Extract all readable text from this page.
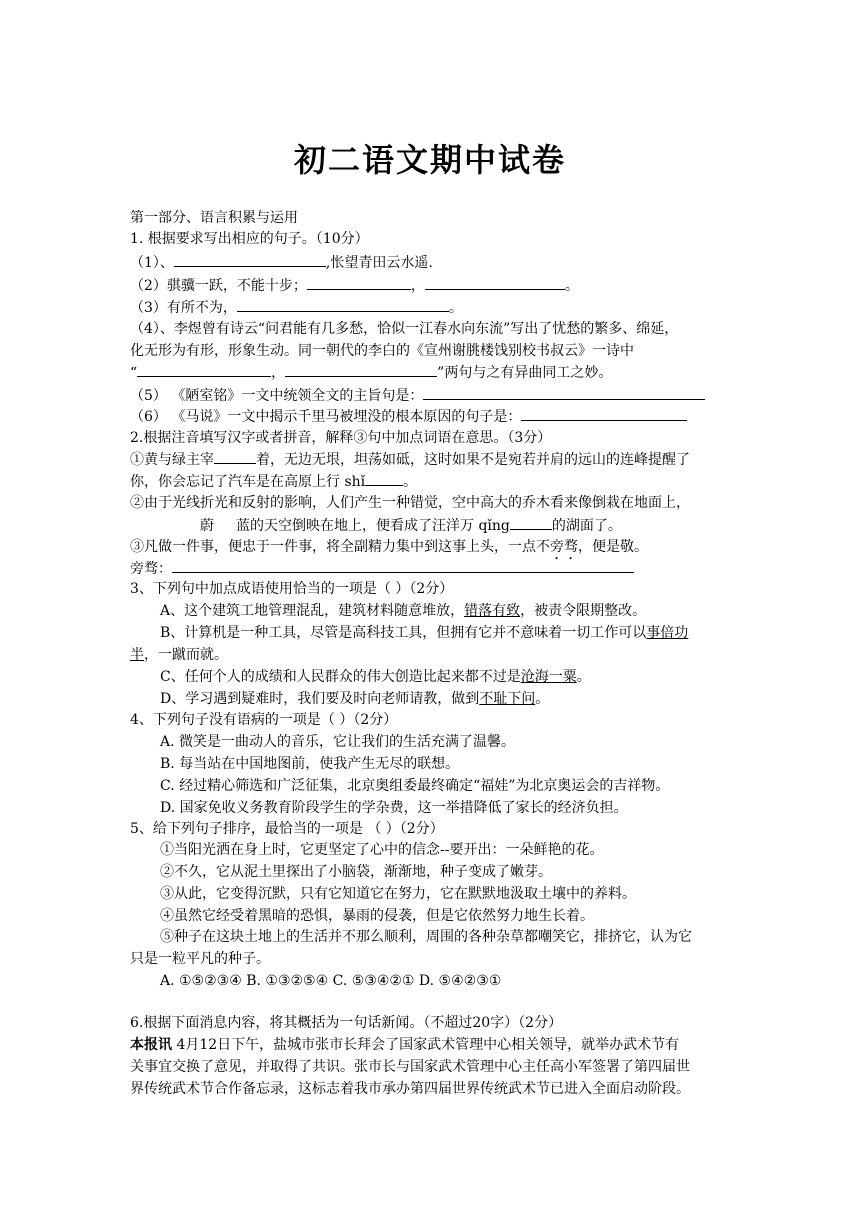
初二语文期中试卷
第一部分、语言积累与运用
1. 根据要求写出相应的句子。（10分）
（1）、	,怅望青田云水遥.
（2）骐骥一跃，不能十步；	，	。
（3）有所不为，	。
（4）、李煜曾有诗云“问君能有几多愁，恰似一江春水向东流”写出了忧愁的繁多、绵延，
化无形为有形，形象生动。同一朝代的李白的《宣州谢朓楼饯别校书叔云》一诗中
“	，	”两句与之有异曲同工之妙。
（5） 《陋室铭》一文中统领全文的主旨句是：
（6） 《马说》一文中揭示千里马被埋没的根本原因的句子是：
2.根据注音填写汉字或者拼音，解释③句中加点词语在意思。（3分）
①黄与绿主宰	着，无边无垠，坦荡如砥，这时如果不是宛若并肩的远山的连峰提醒了
你，你会忘记了汽车是在高原上行 shǐ	。
②由于光线折光和反射的影响，人们产生一种错觉，空中高大的乔木看来像倒栽在地面上，
蔚 蓝的天空倒映在地上，便看成了汪洋万 qǐng	的湖面了。
③凡做一件事，便忠于一件事，将全副精力集中到这事上头，一点不旁骛，便是敬。
旁骛：
3、下列句中加点成语使用恰当的一项是（ ）（2分）
A、这个建筑工地管理混乱，建筑材料随意堆放，错落有致，被责令限期整改。
B、计算机是一种工具，尽管是高科技工具，但拥有它并不意味着一切工作可以事倍功
半，一蹴而就。
C、任何个人的成绩和人民群众的伟大创造比起来都不过是沧海一粟。
D、学习遇到疑难时，我们要及时向老师请教，做到不耻下问。
4、下列句子没有语病的一项是（ ）（2分）
A. 微笑是一曲动人的音乐，它让我们的生活充满了温馨。
B. 每当站在中国地图前，使我产生无尽的联想。
C. 经过精心筛选和广泛征集，北京奥组委最终确定“福娃”为北京奥运会的吉祥物。
D. 国家免收义务教育阶段学生的学杂费，这一举措降低了家长的经济负担。
5、给下列句子排序，最恰当的一项是 （ ）（2分）
①当阳光洒在身上时，它更坚定了心中的信念--要开出：一朵鲜艳的花。
②不久，它从泥土里探出了小脑袋，渐渐地，种子变成了嫩芽。
③从此，它变得沉默，只有它知道它在努力，它在默默地汲取土壤中的养料。
④虽然它经受着黑暗的恐惧，暴雨的侵袭，但是它依然努力地生长着。
⑤种子在这块土地上的生活并不那么顺利，周围的各种杂草都嘲笑它，排挤它，认为它
只是一粒平凡的种子。
A. ①⑤②③④ B. ①③②⑤④ C. ⑤③④②① D. ⑤④②③①
6.根据下面消息内容，将其概括为一句话新闻。（不超过20字）（2分）
本报讯 4月12日下午，盐城市张市长拜会了国家武术管理中心相关领导，就举办武术节有
关事宜交换了意见，并取得了共识。张市长与国家武术管理中心主任高小军签署了第四届世
界传统武术节合作备忘录，这标志着我市承办第四届世界传统武术节已进入全面启动阶段。
